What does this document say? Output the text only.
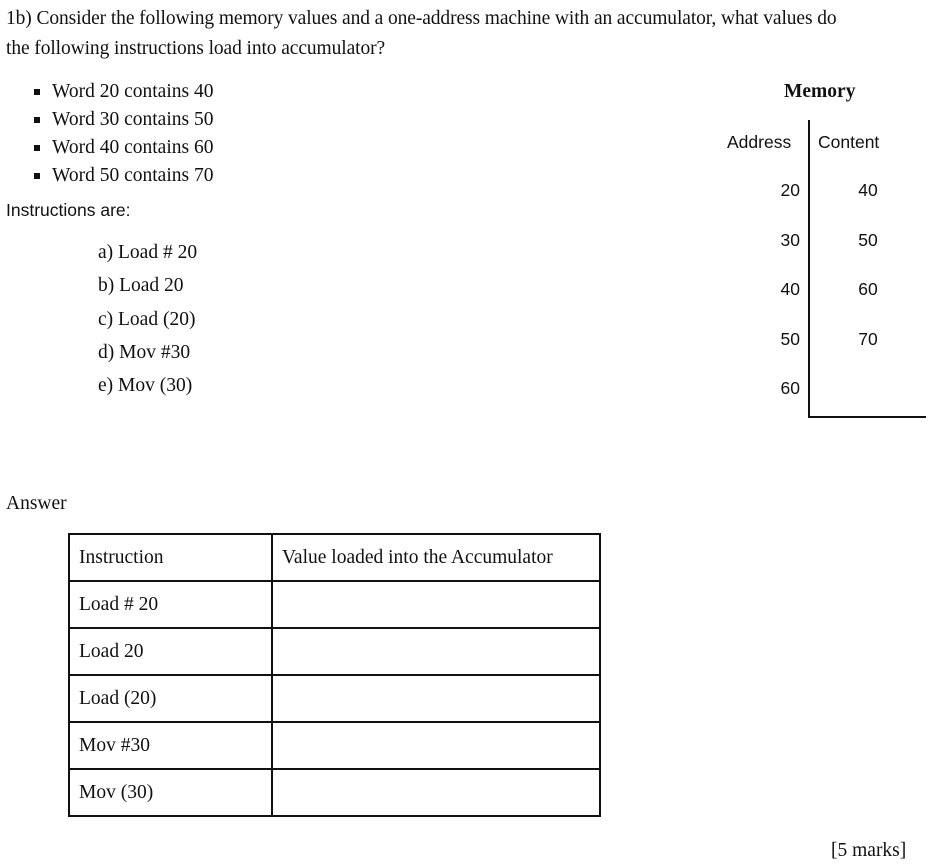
1b) Consider the following memory values and a one-address machine with an accumulator, what values do
the following instructions load into accumulator?
Word 20 contains 40
Word 30 contains 50
Word 40 contains 60
Word 50 contains 70
Instructions are:
a) Load # 20
b) Load 20
c) Load (20)
d) Mov #30
e) Mov (30)
Memory
Address Content
20	40
30	50
40	60
50	70
60
Answer
Instruction	Value loaded into the Accumulator
Load # 20	
Load 20	
Load (20)	
Mov #30	
Mov (30)	
[5 marks]
